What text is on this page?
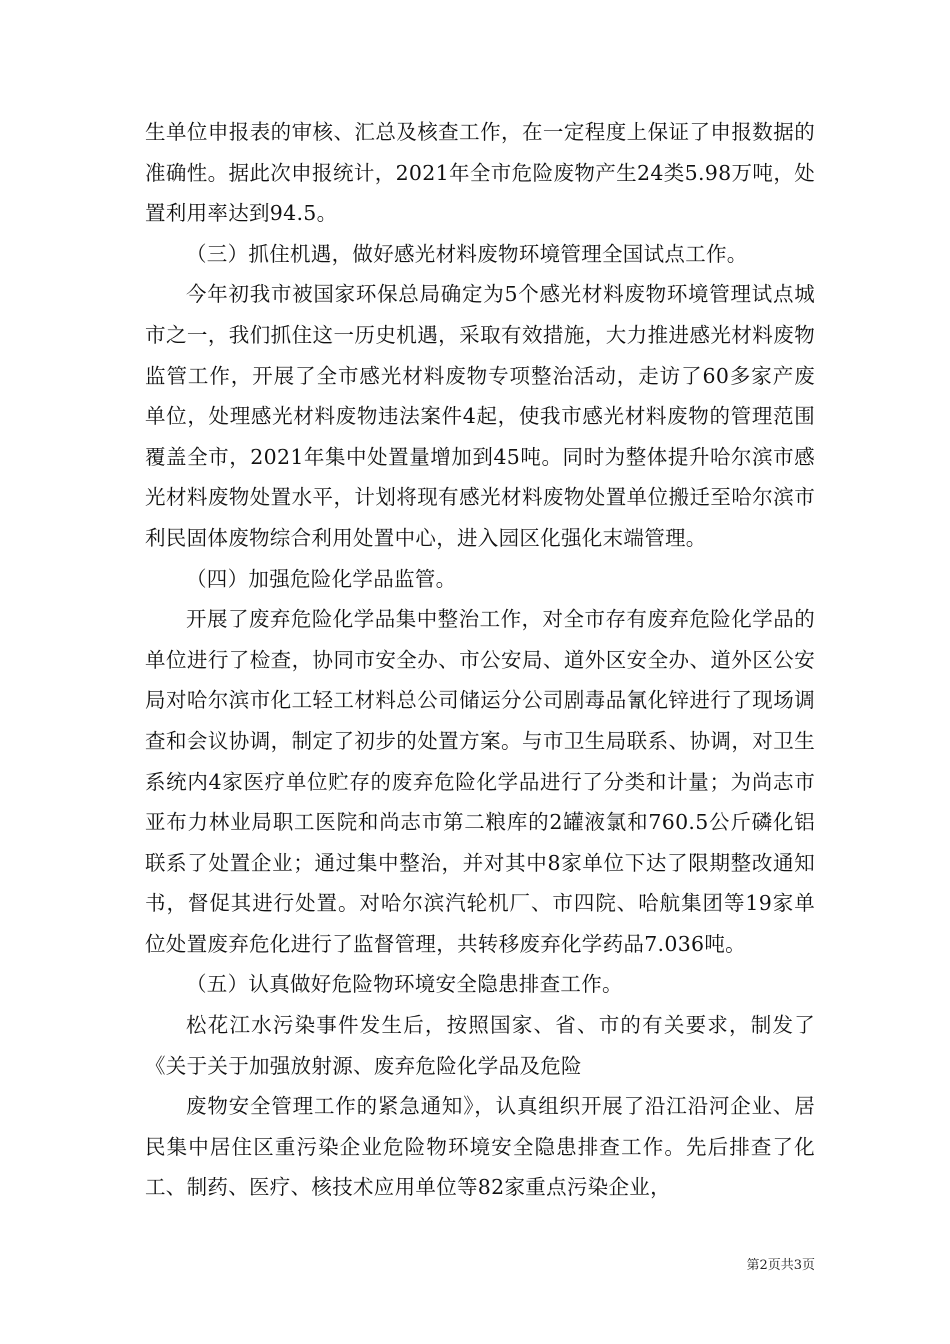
生单位申报表的审核、汇总及核查工作，在一定程度上保证了申报数据的准确性。据此次申报统计，2021年全市危险废物产生24类5.98万吨，处置利用率达到94.5。

（三）抓住机遇，做好感光材料废物环境管理全国试点工作。

今年初我市被国家环保总局确定为5个感光材料废物环境管理试点城市之一，我们抓住这一历史机遇，采取有效措施，大力推进感光材料废物监管工作，开展了全市感光材料废物专项整治活动，走访了60多家产废单位，处理感光材料废物违法案件4起，使我市感光材料废物的管理范围覆盖全市，2021年集中处置量增加到45吨。同时为整体提升哈尔滨市感光材料废物处置水平，计划将现有感光材料废物处置单位搬迁至哈尔滨市利民固体废物综合利用处置中心，进入园区化强化末端管理。

（四）加强危险化学品监管。

开展了废弃危险化学品集中整治工作，对全市存有废弃危险化学品的单位进行了检查，协同市安全办、市公安局、道外区安全办、道外区公安局对哈尔滨市化工轻工材料总公司储运分公司剧毒品氰化锌进行了现场调查和会议协调，制定了初步的处置方案。与市卫生局联系、协调，对卫生系统内4家医疗单位贮存的废弃危险化学品进行了分类和计量；为尚志市亚布力林业局职工医院和尚志市第二粮库的2罐液氯和760.5公斤磷化铝联系了处置企业；通过集中整治，并对其中8家单位下达了限期整改通知书，督促其进行处置。对哈尔滨汽轮机厂、市四院、哈航集团等19家单位处置废弃危化进行了监督管理，共转移废弃化学药品7.036吨。

（五）认真做好危险物环境安全隐患排查工作。

松花江水污染事件发生后，按照国家、省、市的有关要求，制发了《关于关于加强放射源、废弃危险化学品及危险

废物安全管理工作的紧急通知》，认真组织开展了沿江沿河企业、居民集中居住区重污染企业危险物环境安全隐患排查工作。先后排查了化工、制药、医疗、核技术应用单位等82家重点污染企业，

第2页共3页
